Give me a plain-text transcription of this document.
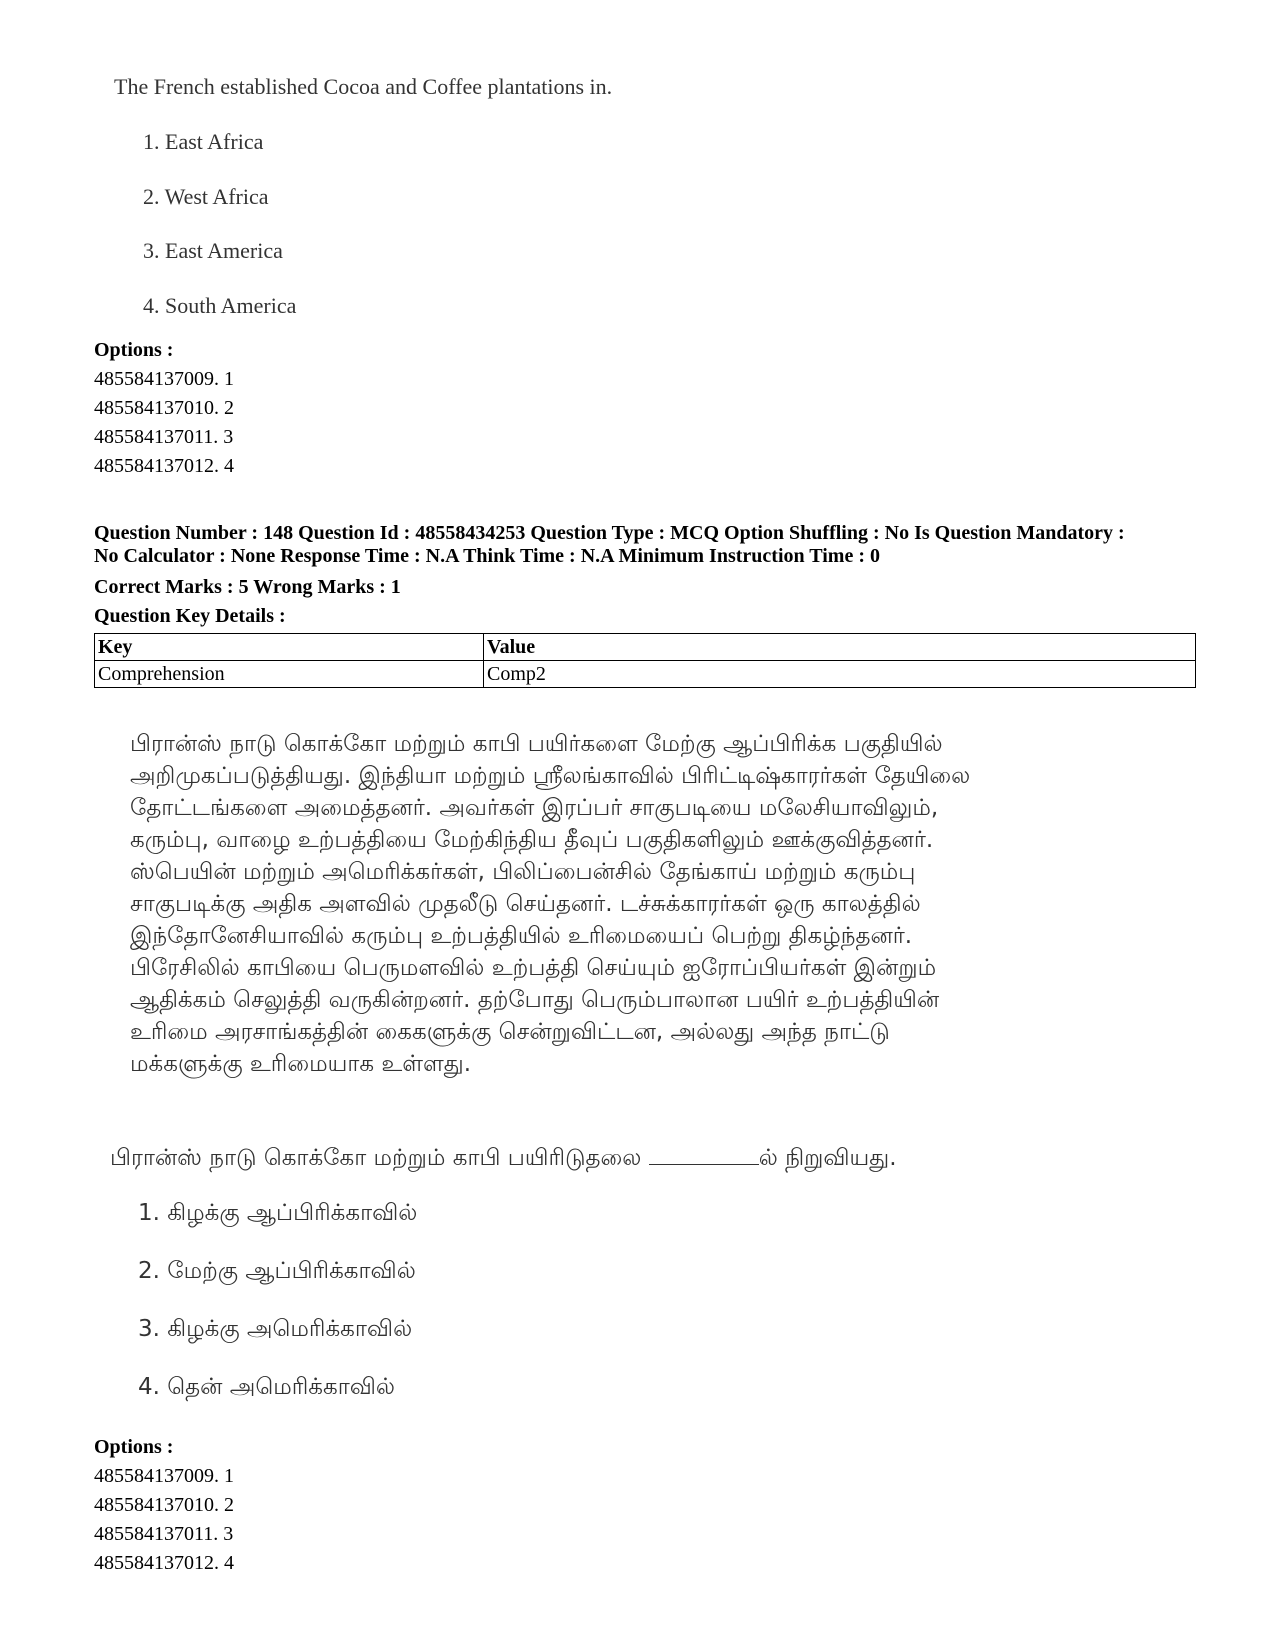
The French established Cocoa and Coffee plantations in.
1. East Africa
2. West Africa
3. East America
4. South America
Options :
485584137009. 1
485584137010. 2
485584137011. 3
485584137012. 4
Question Number : 148 Question Id : 48558434253 Question Type : MCQ Option Shuffling : No Is Question Mandatory :
No Calculator : None Response Time : N.A Think Time : N.A Minimum Instruction Time : 0
Correct Marks : 5 Wrong Marks : 1
Question Key Details :
Key	Value
Comprehension	Comp2
பிரான்ஸ் நாடு கொக்கோ மற்றும் காபி பயிர்களை மேற்கு ஆப்பிரிக்க பகுதியில்
அறிமுகப்படுத்தியது. இந்தியா மற்றும் ஸ்ரீலங்காவில் பிரிட்டிஷ்காரர்கள் தேயிலை
தோட்டங்களை அமைத்தனர். அவர்கள் இரப்பர் சாகுபடியை மலேசியாவிலும்,
கரும்பு, வாழை உற்பத்தியை மேற்கிந்திய தீவுப் பகுதிகளிலும் ஊக்குவித்தனர்.
ஸ்பெயின் மற்றும் அமெரிக்கர்கள், பிலிப்பைன்சில் தேங்காய் மற்றும் கரும்பு
சாகுபடிக்கு அதிக அளவில் முதலீடு செய்தனர். டச்சுக்காரர்கள் ஒரு காலத்தில்
இந்தோனேசியாவில் கரும்பு உற்பத்தியில் உரிமையைப் பெற்று திகழ்ந்தனர்.
பிரேசிலில் காபியை பெருமளவில் உற்பத்தி செய்யும் ஐரோப்பியர்கள் இன்றும்
ஆதிக்கம் செலுத்தி வருகின்றனர். தற்போது பெரும்பாலான பயிர் உற்பத்தியின்
உரிமை அரசாங்கத்தின் கைகளுக்கு சென்றுவிட்டன, அல்லது அந்த நாட்டு
மக்களுக்கு உரிமையாக உள்ளது.
பிரான்ஸ் நாடு கொக்கோ மற்றும் காபி பயிரிடுதலை	ல் நிறுவியது.
1. கிழக்கு ஆப்பிரிக்காவில்
2. மேற்கு ஆப்பிரிக்காவில்
3. கிழக்கு அமெரிக்காவில்
4. தென் அமெரிக்காவில்
Options :
485584137009. 1
485584137010. 2
485584137011. 3
485584137012. 4
